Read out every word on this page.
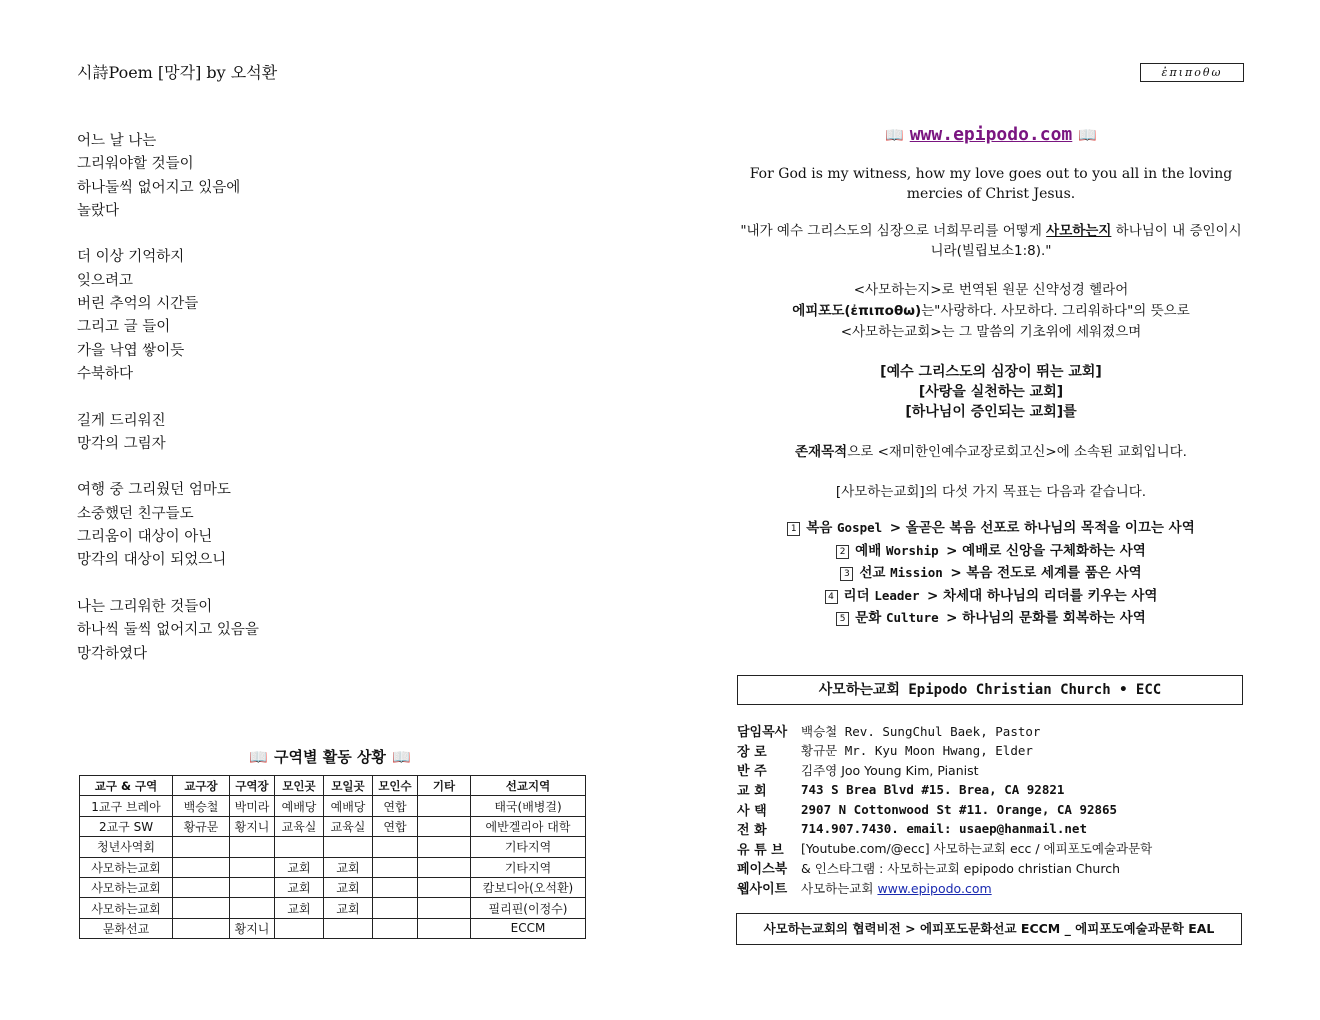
시詩Poem [망각] by 오석환
어느 날 나는
그리워야할 것들이
하나둘씩 없어지고 있음에
놀랐다
더 이상 기억하지
잊으려고
버린 추억의 시간들
그리고 글 들이
가을 낙엽 쌓이듯
수북하다
길게 드리워진
망각의 그림자
여행 중 그리웠던 엄마도
소중했던 친구들도
그리움이 대상이 아닌
망각의 대상이 되었으니
나는 그리워한 것들이
하나씩 둘씩 없어지고 있음을
망각하였다
ἐπιποθω
📖 www.epipodo.com 📖
For God is my witness, how my love goes out to you all in the loving mercies of Christ Jesus.
"내가 예수 그리스도의 심장으로 너희무리를 어떻게 사모하는지 하나님이 내 증인이시니라(빌립보소1:8)."
<사모하는지>로 번역된 원문 신약성경 헬라어
에피포도(ἐπιποθω)는"사랑하다. 사모하다. 그리워하다"의 뜻으로
<사모하는교회>는 그 말씀의 기초위에 세워졌으며
[예수 그리스도의 심장이 뛰는 교회]
[사랑을 실천하는 교회]
[하나님이 증인되는 교회]를
존재목적으로 <재미한인예수교장로회고신>에 소속된 교회입니다.
[사모하는교회]의 다섯 가지 목표는 다음과 같습니다.
1 복음 Gospel > 올곧은 복음 선포로 하나님의 목적을 이끄는 사역
2 예배 Worship > 예배로 신앙을 구체화하는 사역
3 선교 Mission > 복음 전도로 세계를 품은 사역
4 리더 Leader > 차세대 하나님의 리더를 키우는 사역
5 문화 Culture > 하나님의 문화를 회복하는 사역
사모하는교회 Epipodo Christian Church • ECC
담임목사	백승철 Rev. SungChul Baek, Pastor
장 로	황규문 Mr. Kyu Moon Hwang, Elder
반 주	김주영 Joo Young Kim, Pianist
교 회	743 S Brea Blvd #15. Brea, CA 92821
사 택	2907 N Cottonwood St #11. Orange, CA 92865
전 화	714.907.7430. email: usaep@hanmail.net
유 튜 브	[Youtube.com/@ecc] 사모하는교회 ecc / 에피포도예술과문학
페이스북	& 인스타그램 : 사모하는교회 epipodo christian Church
웹사이트	사모하는교회 www.epipodo.com
사모하는교회의 협력비전 > 에피포도문화선교 ECCM _ 에피포도예술과문학 EAL
📖 구역별 활동 상황 📖
교구 & 구역	교구장	구역장	모인곳	모일곳	모인수	기타	선교지역
1교구 브레아	백승철	박미라	예배당	예배당	연합		태국(배병걸)
2교구 SW	황규문	황지니	교육실	교육실	연합		에반겔리아 대학
청년사역회							기타지역
사모하는교회			교회	교회			기타지역
사모하는교회			교회	교회			캄보디아(오석환)
사모하는교회			교회	교회			필리핀(이정수)
문화선교		황지니					ECCM
